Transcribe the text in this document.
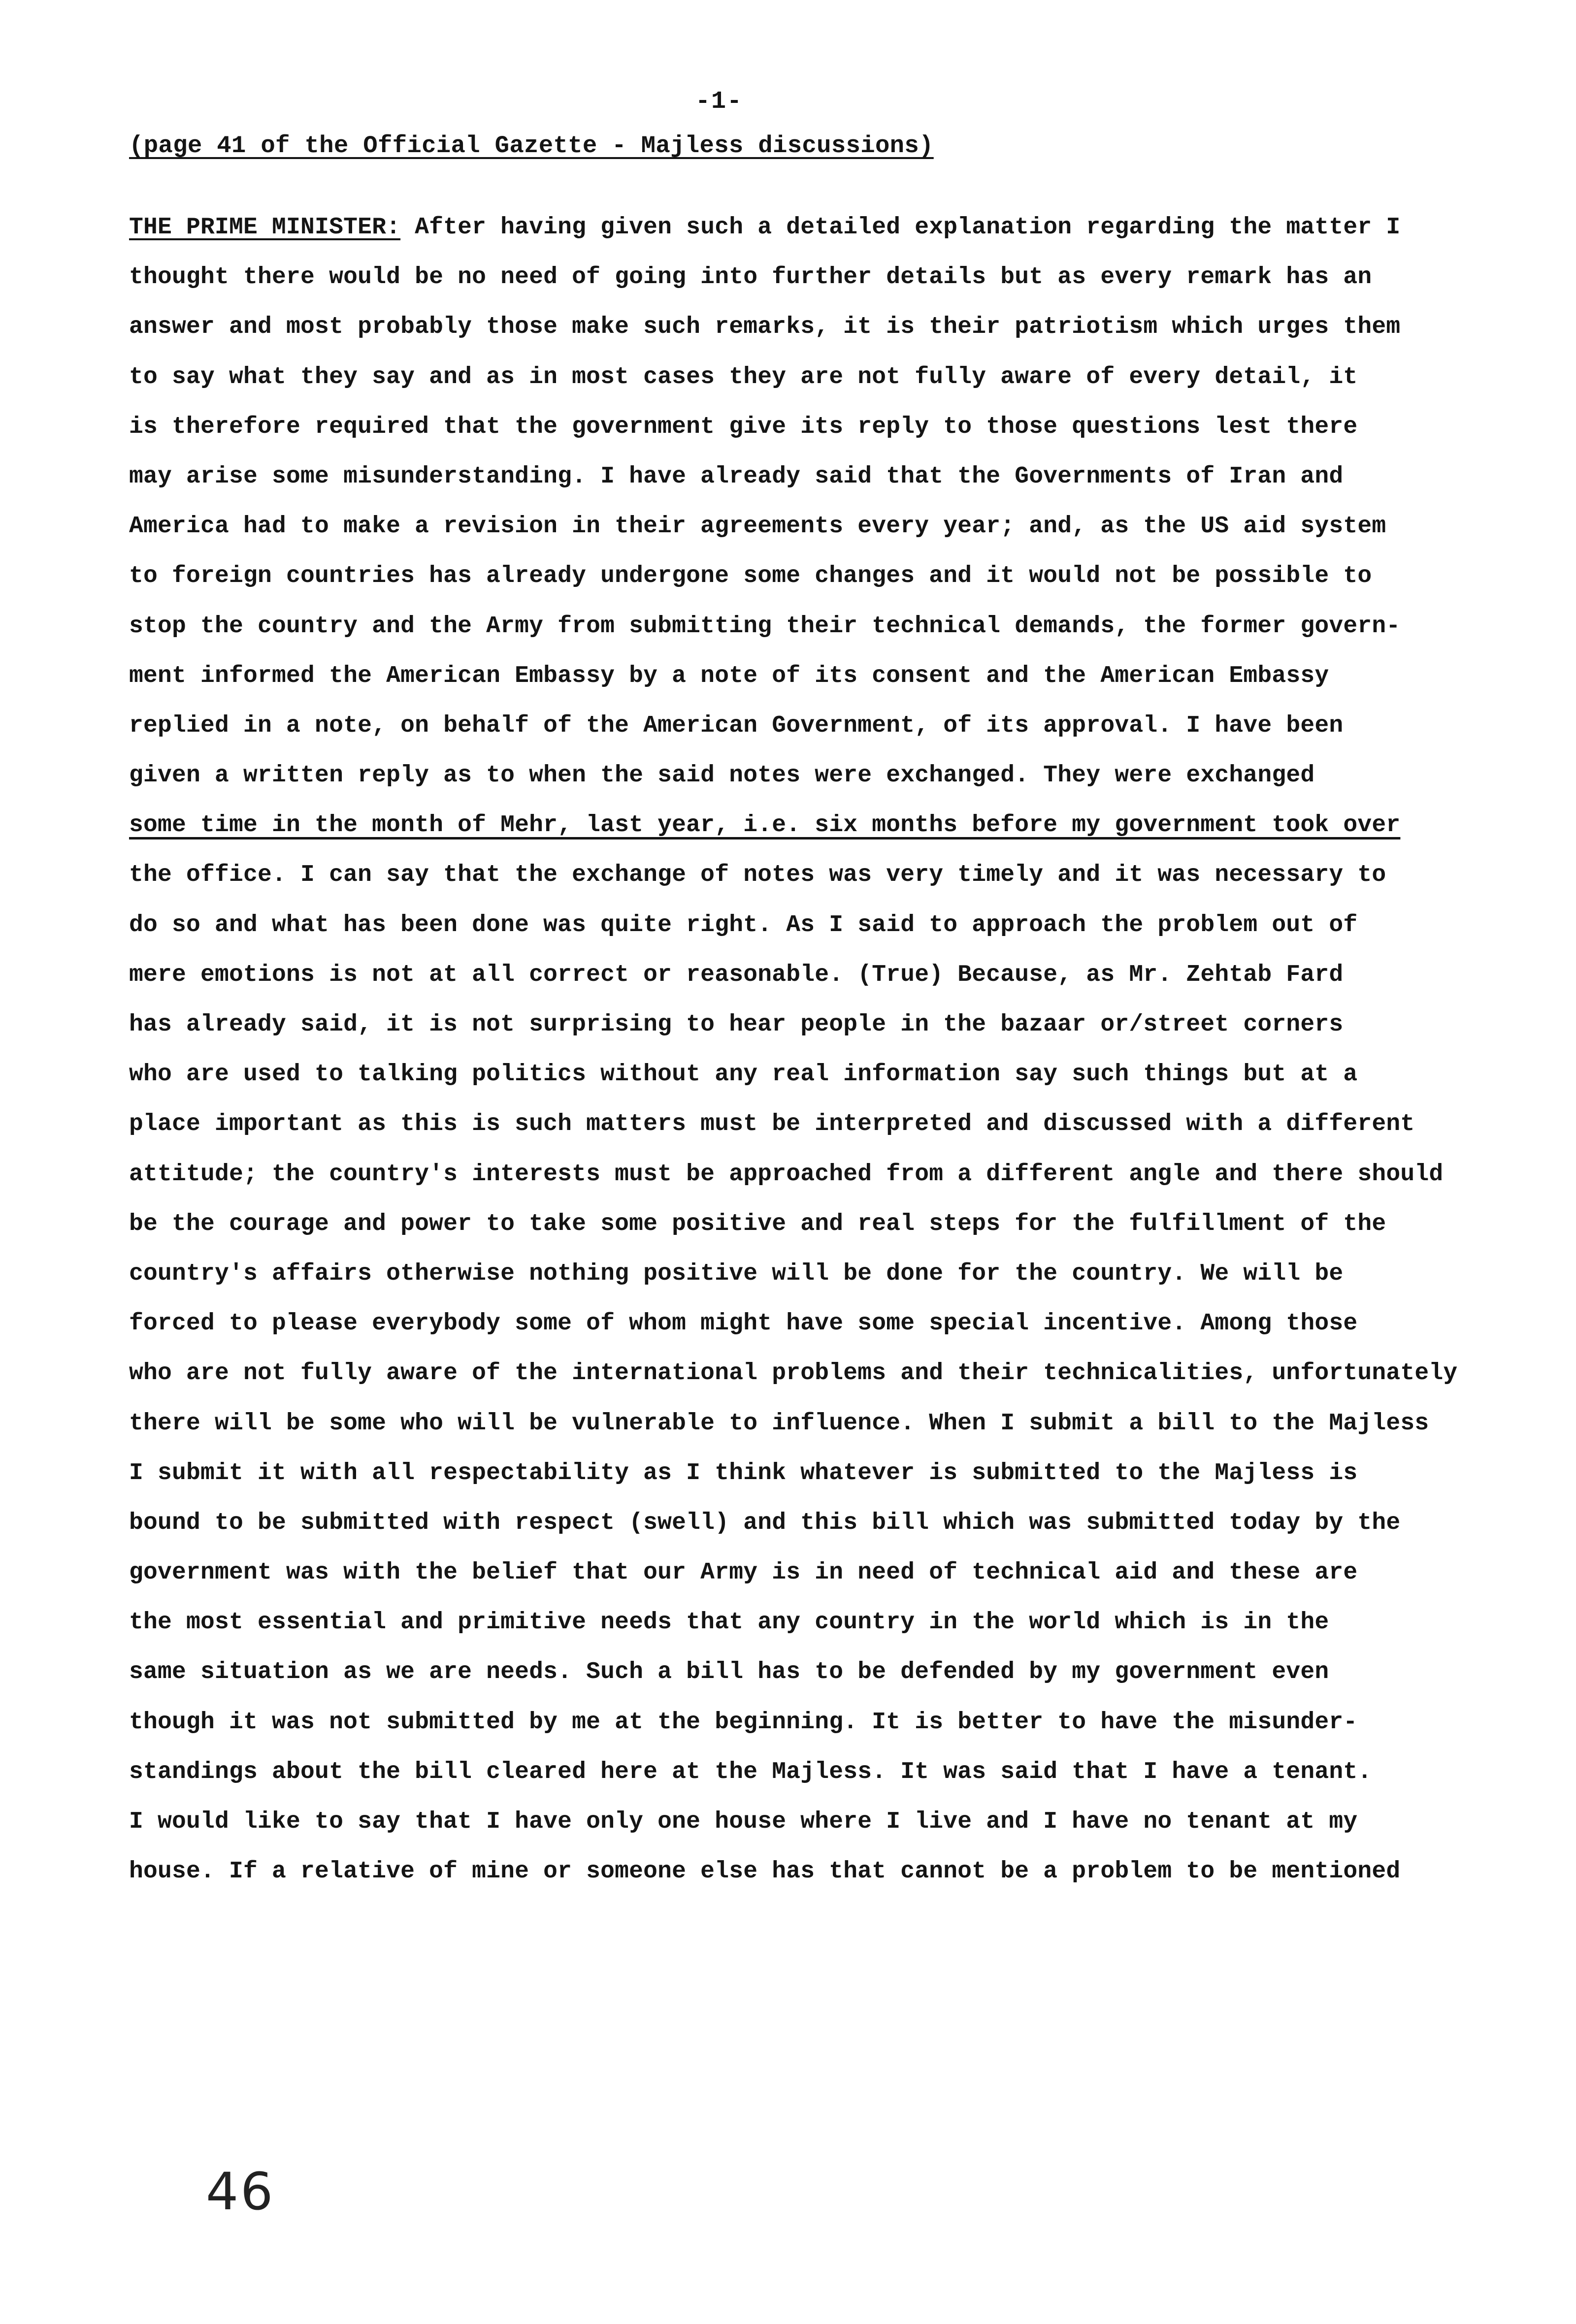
-1-
(page 41 of the Official Gazette - Majless discussions)
THE PRIME MINISTER: After having given such a detailed explanation regarding the matter I
thought there would be no need of going into further details but as every remark has an
answer and most probably those make such remarks, it is their patriotism which urges them
to say what they say and as in most cases they are not fully aware of every detail, it
is therefore required that the government give its reply to those questions lest there
may arise some misunderstanding. I have already said that the Governments of Iran and
America had to make a revision in their agreements every year; and, as the US aid system
to foreign countries has already undergone some changes and it would not be possible to
stop the country and the Army from submitting their technical demands, the former govern-
ment informed the American Embassy by a note of its consent and the American Embassy
replied in a note, on behalf of the American Government, of its approval. I have been
given a written reply as to when the said notes were exchanged. They were exchanged
some time in the month of Mehr, last year, i.e. six months before my government took over
the office. I can say that the exchange of notes was very timely and it was necessary to
do so and what has been done was quite right. As I said to approach the problem out of
mere emotions is not at all correct or reasonable. (True) Because, as Mr. Zehtab Fard
has already said, it is not surprising to hear people in the bazaar or/street corners
who are used to talking politics without any real information say such things but at a
place important as this is such matters must be interpreted and discussed with a different
attitude; the country's interests must be approached from a different angle and there should
be the courage and power to take some positive and real steps for the fulfillment of the
country's affairs otherwise nothing positive will be done for the country. We will be
forced to please everybody some of whom might have some special incentive. Among those
who are not fully aware of the international problems and their technicalities, unfortunately
there will be some who will be vulnerable to influence. When I submit a bill to the Majless
I submit it with all respectability as I think whatever is submitted to the Majless is
bound to be submitted with respect (swell) and this bill which was submitted today by the
government was with the belief that our Army is in need of technical aid and these are
the most essential and primitive needs that any country in the world which is in the
same situation as we are needs. Such a bill has to be defended by my government even
though it was not submitted by me at the beginning. It is better to have the misunder-
standings about the bill cleared here at the Majless. It was said that I have a tenant.
I would like to say that I have only one house where I live and I have no tenant at my
house. If a relative of mine or someone else has that cannot be a problem to be mentioned
46
